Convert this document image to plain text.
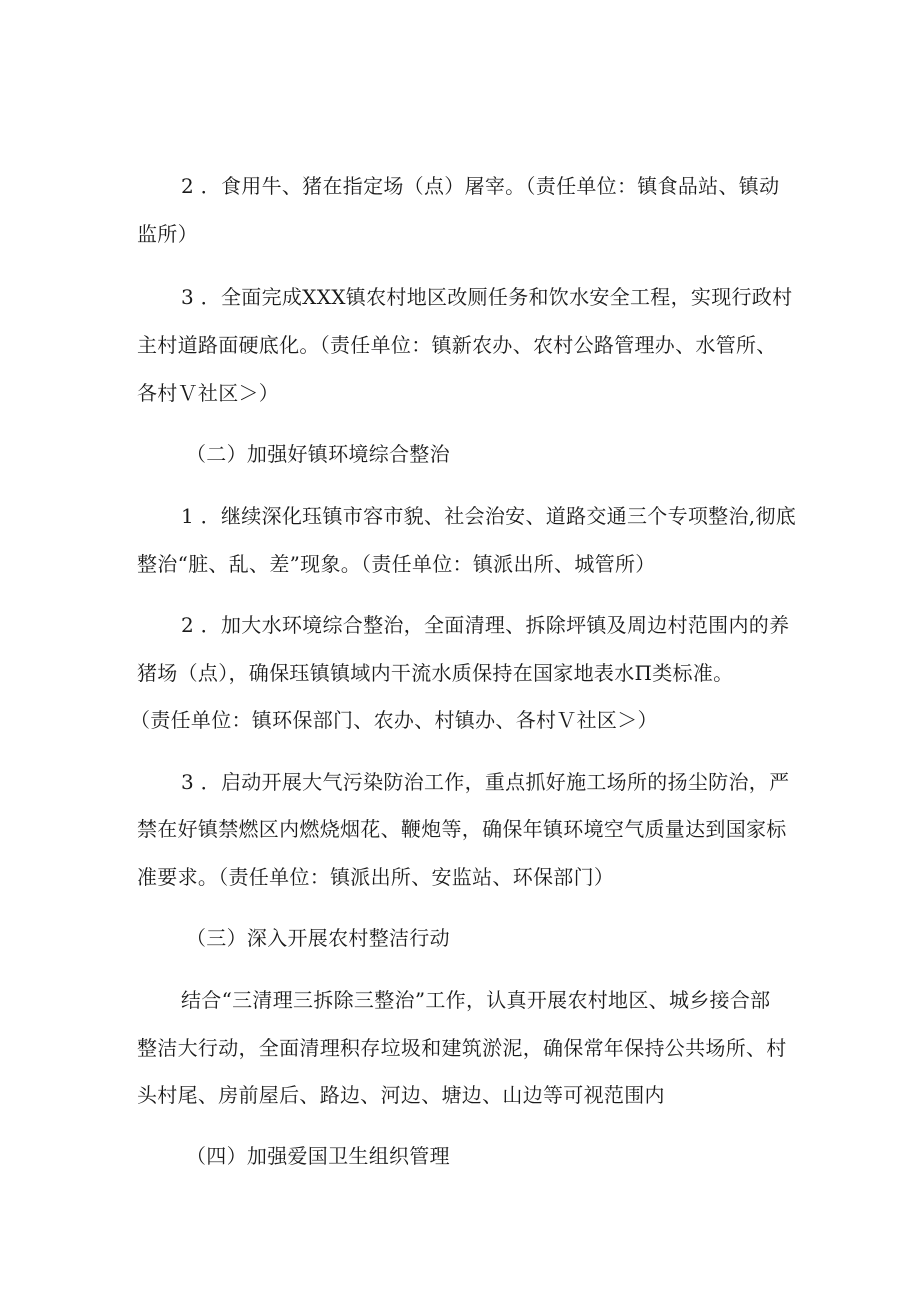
2 ．食用牛、猪在指定场（点）屠宰。（责任单位：镇食品站、镇动
监所）
3 ．全面完成XXX镇农村地区改厕任务和饮水安全工程，实现行政村
主村道路面硬底化。（责任单位：镇新农办、农村公路管理办、水管所、
各村Ｖ社区＞）
（二）加强好镇环境综合整治
1 ．继续深化珏镇市容市貌、社会治安、道路交通三个专项整治,彻底
整治“脏、乱、差”现象。（责任单位：镇派出所、城管所）
2 ．加大水环境综合整治，全面清理、拆除坪镇及周边村范围内的养
猪场（点），确保珏镇镇域内干流水质保持在国家地表水Π类标准。
（责任单位：镇环保部门、农办、村镇办、各村Ｖ社区＞）
3 ．启动开展大气污染防治工作，重点抓好施工场所的扬尘防治，严
禁在好镇禁燃区内燃烧烟花、鞭炮等，确保年镇环境空气质量达到国家标
准要求。（责任单位：镇派出所、安监站、环保部门）
（三）深入开展农村整洁行动
结合“三清理三拆除三整治”工作，认真开展农村地区、城乡接合部
整洁大行动，全面清理积存垃圾和建筑淤泥，确保常年保持公共场所、村
头村尾、房前屋后、路边、河边、塘边、山边等可视范围内
（四）加强爱国卫生组织管理
